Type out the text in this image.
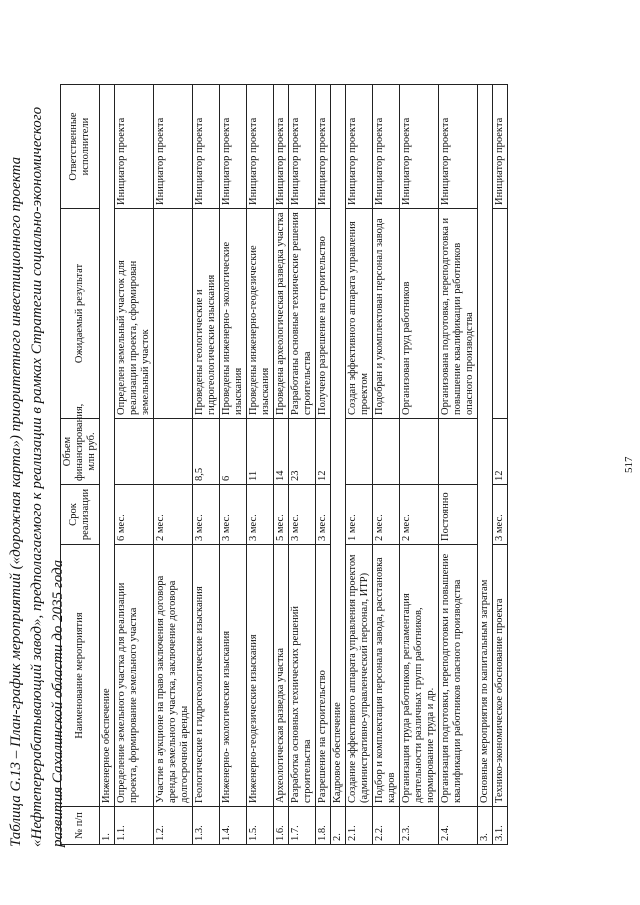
Таблица G.13 – План-график мероприятий («дорожная карта») приоритетного инвестиционного проекта «Нефтеперерабатывающий завод», предполагаемого к реализации в рамках Стратегии социально-экономического развития Сахалинской области до 2035 года № п/п	Наименование мероприятия	Срок реализации	Объем финансирования, млн руб.	Ожидаемый результат	Ответственные исполнители
1.	Инженерное обеспечение				
1.1.	Определение земельного участка для реализации проекта, формирование земельного участка	6 мес.		Определен земельный участок для реализации проекта, сформирован земельный участок	Инициатор проекта
1.2.	Участие в аукционе на право заключения договора аренды земельного участка, заключение договора долгосрочной аренды	2 мес.			Инициатор проекта
1.3.	Геологические и гидрогеологические изыскания	3 мес.	8,5	Проведены геологические и гидрогеологические изыскания	Инициатор проекта
1.4.	Инженерно- экологические изыскания	3 мес.	6	Проведены инженерно- экологические изыскания	Инициатор проекта
1.5.	Инженерно-геодезические изыскания	3 мес.	11	Проведены инженерно-геодезические изыскания	Инициатор проекта
1.6.	Археологическая разведка участка	5 мес.	14	Проведена археологическая разведка участка	Инициатор проекта
1.7.	Разработка основных технических решений строительства	3 мес.	23	Разработаны основные технические решения строительства	Инициатор проекта
1.8.	Разрешение на строительство	3 мес.	12	Получено разрешение на строительство	Инициатор проекта
2.	Кадровое обеспечение				
2.1.	Создание эффективного аппарата управления проектом (административно-управленческий персонал, ИТР)	1 мес.		Создан эффективного аппарата управления проектом	Инициатор проекта
2.2.	Подбор и комплектация персонала завода, расстановка кадров	2 мес.		Подобран и укомплектован персонал завода	Инициатор проекта
2.3.	Организация труда работников, регламентация деятельности различных групп работников, нормирование труда и др.	2 мес.		Организован труд работников	Инициатор проекта
2.4.	Организация подготовки, переподготовки и повышение квалификации работников опасного производства	Постоянно		Организована подготовка, переподготовка и повышение квалификации работников опасного производства	Инициатор проекта
3.	Основные мероприятия по капитальным затратам				
3.1.	Технико-экономическое обоснование проекта	3 мес.	12		Инициатор проекта
517
